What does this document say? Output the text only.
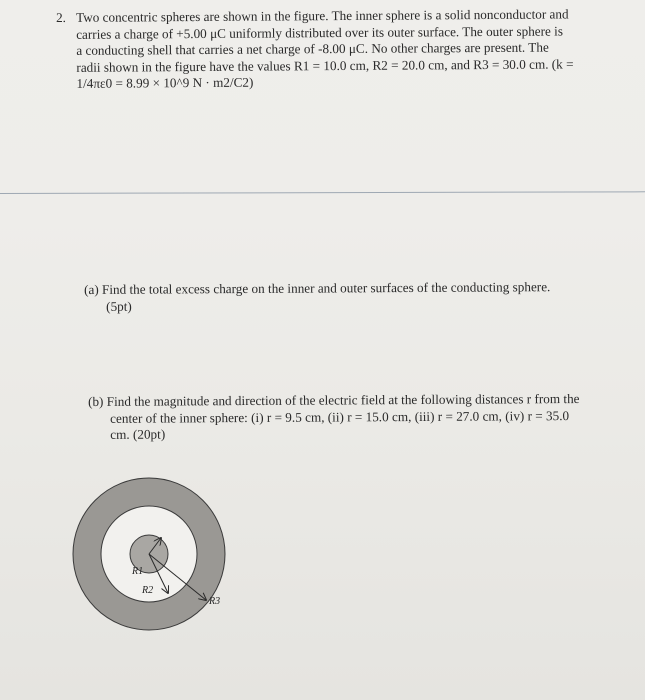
2. Two concentric spheres are shown in the figure. The inner sphere is a solid nonconductor and
carries a charge of +5.00 μC uniformly distributed over its outer surface. The outer sphere is
a conducting shell that carries a net charge of -8.00 μC. No other charges are present. The
radii shown in the figure have the values R1 = 10.0 cm, R2 = 20.0 cm, and R3 = 30.0 cm. (k =
1/4πε0 = 8.99 × 10^9 N · m2/C2)
(a) Find the total excess charge on the inner and outer surfaces of the conducting sphere.
(5pt)
(b) Find the magnitude and direction of the electric field at the following distances r from the
center of the inner sphere: (i) r = 9.5 cm, (ii) r = 15.0 cm, (iii) r = 27.0 cm, (iv) r = 35.0
cm. (20pt)
R1
R2
R3
